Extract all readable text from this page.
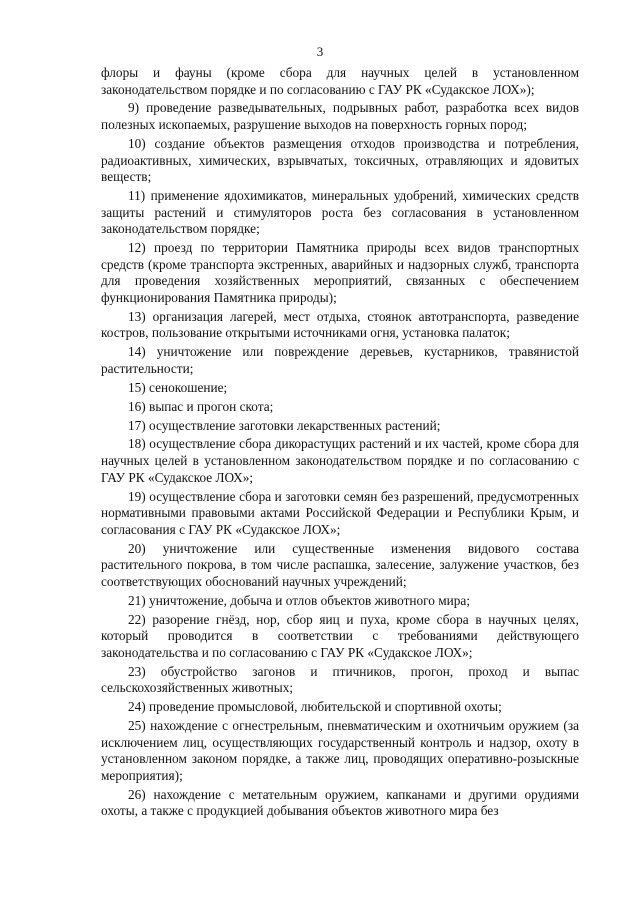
3

флоры и фауны (кроме сбора для научных целей в установленном законодательством порядке и по согласованию с ГАУ РК «Судакское ЛОХ»);

9) проведение разведывательных, подрывных работ, разработка всех видов полезных ископаемых, разрушение выходов на поверхность горных пород;

10) создание объектов размещения отходов производства и потребления, радиоактивных, химических, взрывчатых, токсичных, отравляющих и ядовитых веществ;

11) применение ядохимикатов, минеральных удобрений, химических средств защиты растений и стимуляторов роста без согласования в установленном законодательством порядке;

12) проезд по территории Памятника природы всех видов транспортных средств (кроме транспорта экстренных, аварийных и надзорных служб, транспорта для проведения хозяйственных мероприятий, связанных с обеспечением функционирования Памятника природы);

13) организация лагерей, мест отдыха, стоянок автотранспорта, разведение костров, пользование открытыми источниками огня, установка палаток;

14) уничтожение или повреждение деревьев, кустарников, травянистой растительности;

15) сенокошение;

16) выпас и прогон скота;

17) осуществление заготовки лекарственных растений;

18) осуществление сбора дикорастущих растений и их частей, кроме сбора для научных целей в установленном законодательством порядке и по согласованию с ГАУ РК «Судакское ЛОХ»;

19) осуществление сбора и заготовки семян без разрешений, предусмотренных нормативными правовыми актами Российской Федерации и Республики Крым, и согласования с ГАУ РК «Судакское ЛОХ»;

20) уничтожение или существенные изменения видового состава растительного покрова, в том числе распашка, залесение, залужение участков, без соответствующих обоснований научных учреждений;

21) уничтожение, добыча и отлов объектов животного мира;

22) разорение гнёзд, нор, сбор яиц и пуха, кроме сбора в научных целях, который проводится в соответствии с требованиями действующего законодательства и по согласованию с ГАУ РК «Судакское ЛОХ»;

23) обустройство загонов и птичников, прогон, проход и выпас сельскохозяйственных животных;

24) проведение промысловой, любительской и спортивной охоты;

25) нахождение с огнестрельным, пневматическим и охотничьим оружием (за исключением лиц, осуществляющих государственный контроль и надзор, охоту в установленном законом порядке, а также лиц, проводящих оперативно-розыскные мероприятия);

26) нахождение с метательным оружием, капканами и другими орудиями охоты, а также с продукцией добывания объектов животного мира без
